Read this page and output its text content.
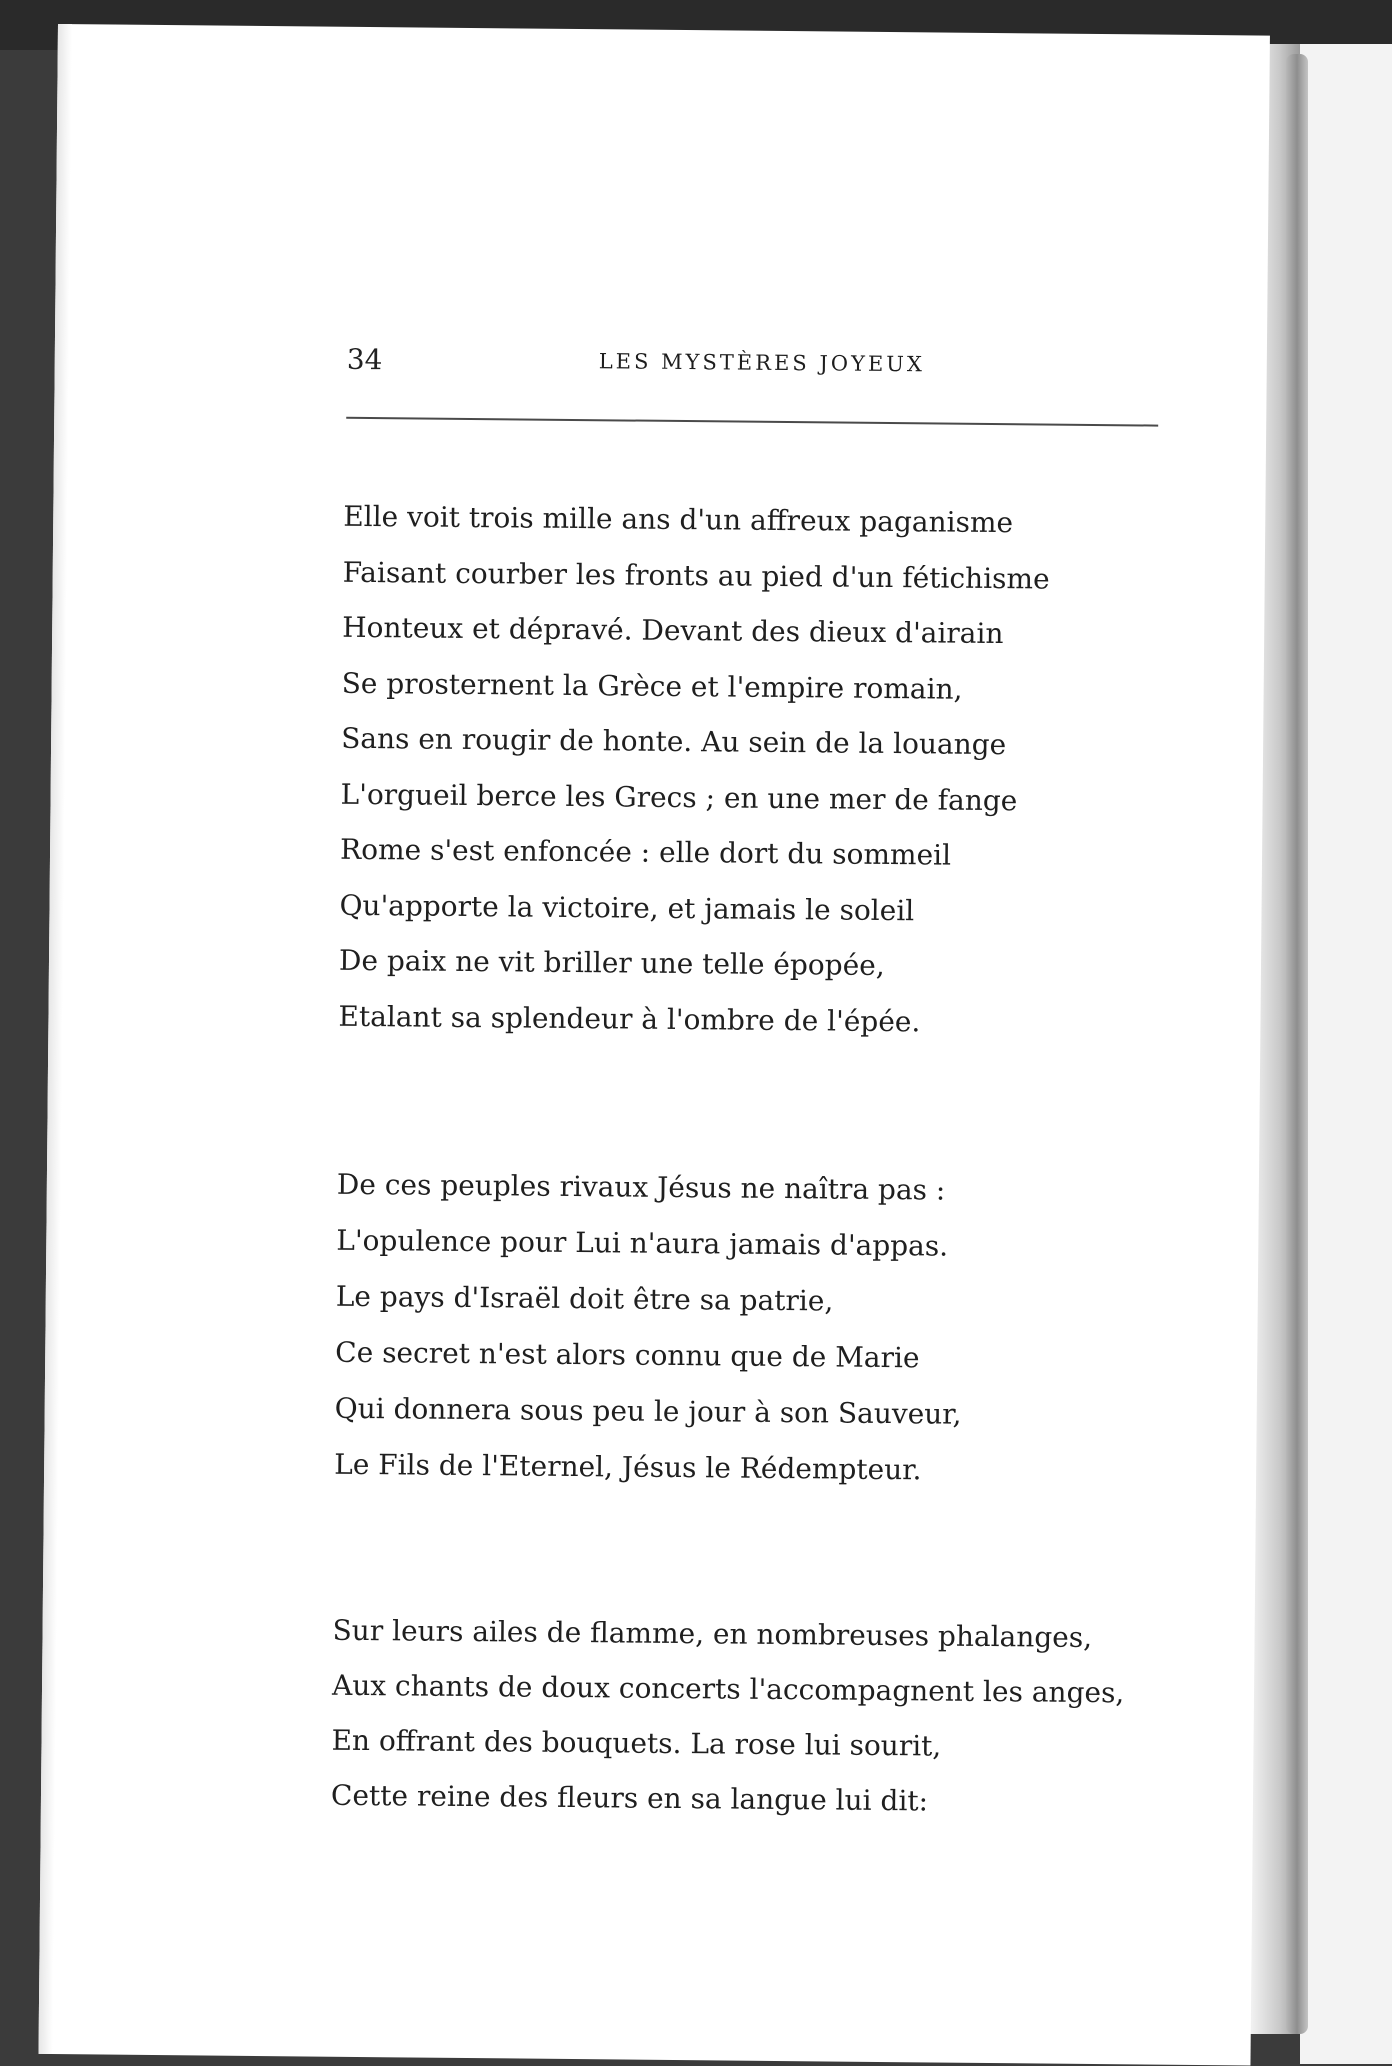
34	LES MYSTÈRES JOYEUX
Elle voit trois mille ans d'un affreux paganisme
Faisant courber les fronts au pied d'un fétichisme
Honteux et dépravé. Devant des dieux d'airain
Se prosternent la Grèce et l'empire romain,
Sans en rougir de honte. Au sein de la louange
L'orgueil berce les Grecs ; en une mer de fange
Rome s'est enfoncée : elle dort du sommeil
Qu'apporte la victoire, et jamais le soleil
De paix ne vit briller une telle épopée,
Etalant sa splendeur à l'ombre de l'épée.
De ces peuples rivaux Jésus ne naîtra pas :
L'opulence pour Lui n'aura jamais d'appas.
Le pays d'Israël doit être sa patrie,
Ce secret n'est alors connu que de Marie
Qui donnera sous peu le jour à son Sauveur,
Le Fils de l'Eternel, Jésus le Rédempteur.
Sur leurs ailes de flamme, en nombreuses phalanges,
Aux chants de doux concerts l'accompagnent les anges,
En offrant des bouquets. La rose lui sourit,
Cette reine des fleurs en sa langue lui dit:
